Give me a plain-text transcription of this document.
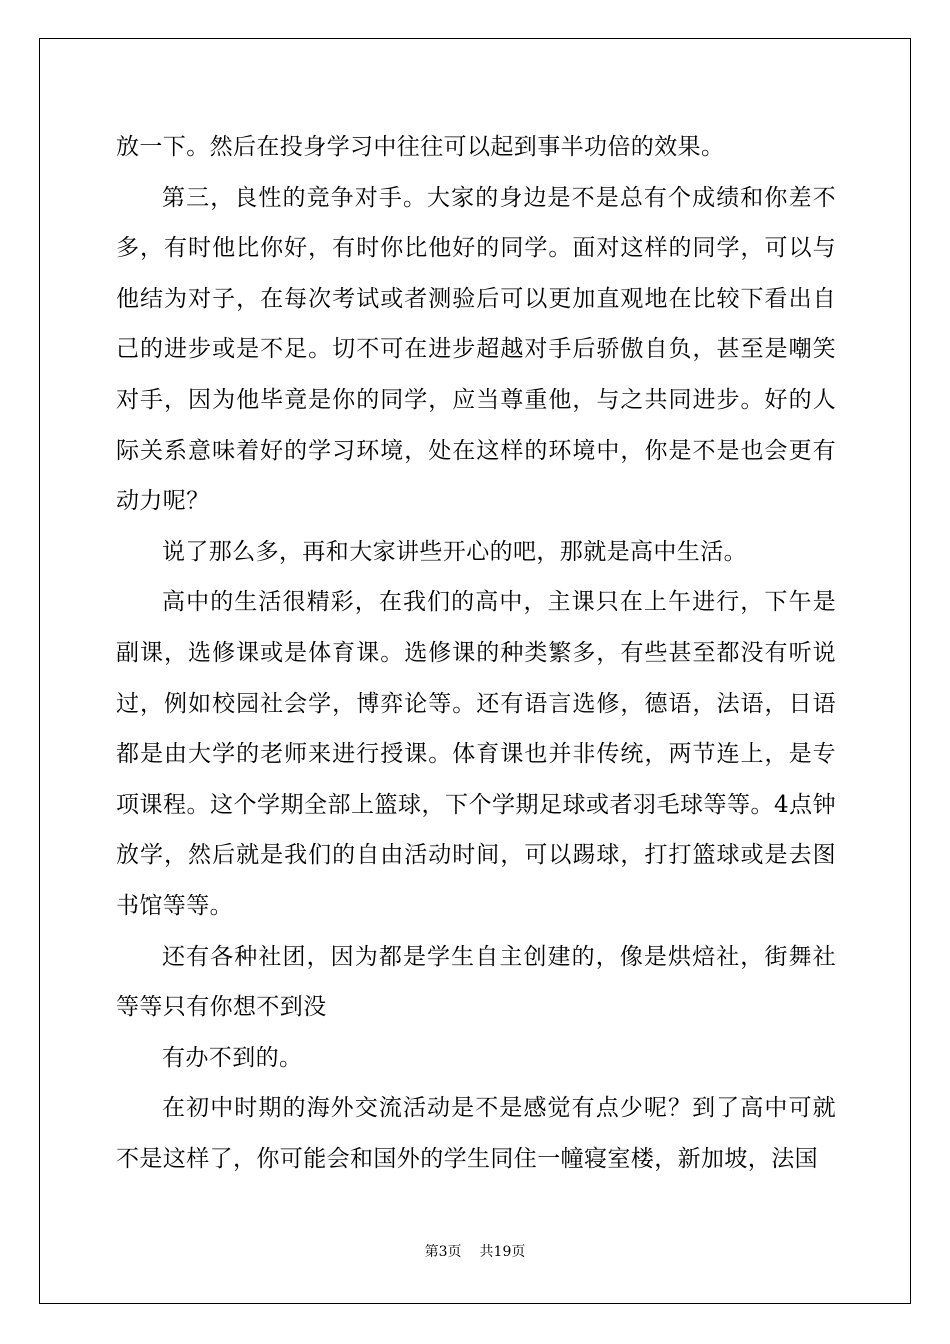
放一下。然后在投身学习中往往可以起到事半功倍的效果。

第三，良性的竞争对手。大家的身边是不是总有个成绩和你差不多，有时他比你好，有时你比他好的同学。面对这样的同学，可以与他结为对子，在每次考试或者测验后可以更加直观地在比较下看出自己的进步或是不足。切不可在进步超越对手后骄傲自负，甚至是嘲笑对手，因为他毕竟是你的同学，应当尊重他，与之共同进步。好的人际关系意味着好的学习环境，处在这样的环境中，你是不是也会更有动力呢？

说了那么多，再和大家讲些开心的吧，那就是高中生活。

高中的生活很精彩，在我们的高中，主课只在上午进行，下午是副课，选修课或是体育课。选修课的种类繁多，有些甚至都没有听说过，例如校园社会学，博弈论等。还有语言选修，德语，法语，日语都是由大学的老师来进行授课。体育课也并非传统，两节连上，是专项课程。这个学期全部上篮球，下个学期足球或者羽毛球等等。4点钟放学，然后就是我们的自由活动时间，可以踢球，打打篮球或是去图书馆等等。

还有各种社团，因为都是学生自主创建的，像是烘焙社，街舞社等等只有你想不到没

有办不到的。

在初中时期的海外交流活动是不是感觉有点少呢？到了高中可就不是这样了，你可能会和国外的学生同住一幢寝室楼，新加坡，法国

第3页 共19页
